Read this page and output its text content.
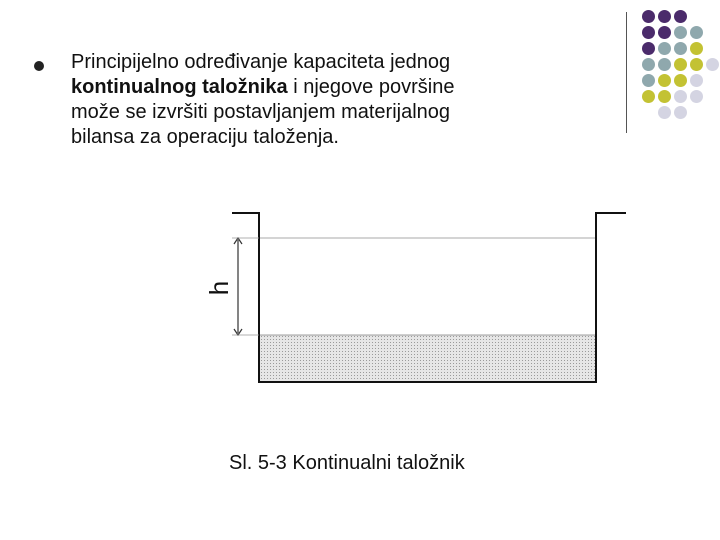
Principijelno određivanje kapaciteta jednog
kontinualnog taložnika i njegove površine
može se izvršiti postavljanjem materijalnog
bilansa za operaciju taloženja.
h
Sl. 5-3 Kontinualni taložnik
